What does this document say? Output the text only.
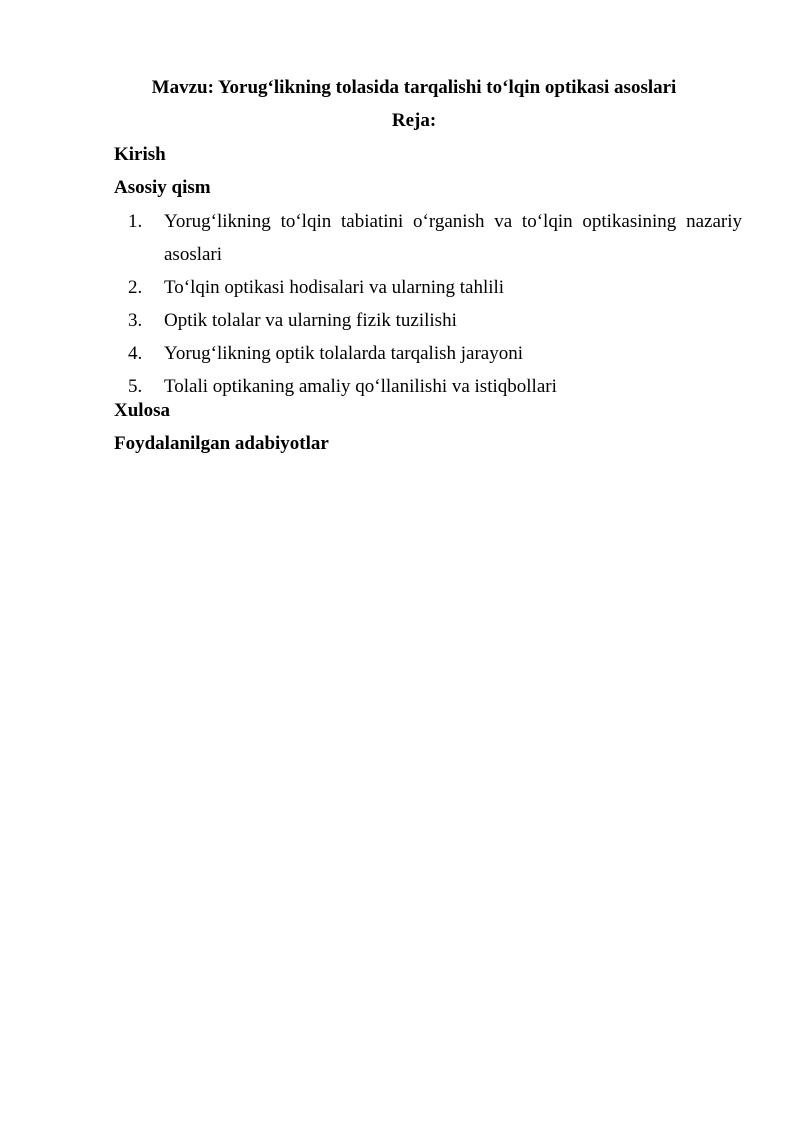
Mavzu: Yorug‘likning tolasida tarqalishi to‘lqin optikasi asoslari
Reja:
Kirish
Asosiy qism
1. Yorug‘likning to‘lqin tabiatini o‘rganish va to‘lqin optikasining nazariy asoslari
2. To‘lqin optikasi hodisalari va ularning tahlili
3. Optik tolalar va ularning fizik tuzilishi
4. Yorug‘likning optik tolalarda tarqalish jarayoni
5. Tolali optikaning amaliy qo‘llanilishi va istiqbollari
Xulosa
Foydalanilgan adabiyotlar
